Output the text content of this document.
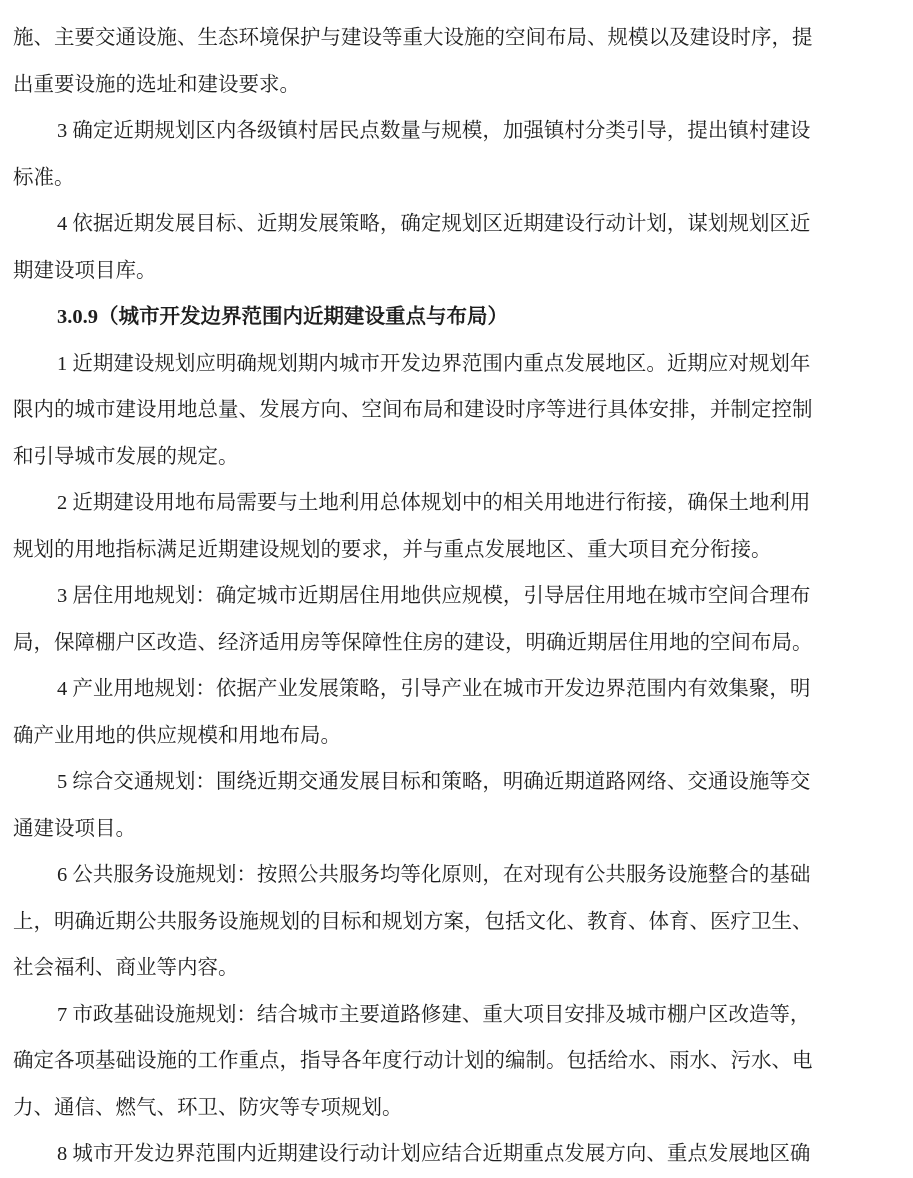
施、主要交通设施、生态环境保护与建设等重大设施的空间布局、规模以及建设时序，提
出重要设施的选址和建设要求。
3 确定近期规划区内各级镇村居民点数量与规模，加强镇村分类引导，提出镇村建设
标准。
4 依据近期发展目标、近期发展策略，确定规划区近期建设行动计划，谋划规划区近
期建设项目库。
3.0.9（城市开发边界范围内近期建设重点与布局）
1 近期建设规划应明确规划期内城市开发边界范围内重点发展地区。近期应对规划年
限内的城市建设用地总量、发展方向、空间布局和建设时序等进行具体安排，并制定控制
和引导城市发展的规定。
2 近期建设用地布局需要与土地利用总体规划中的相关用地进行衔接，确保土地利用
规划的用地指标满足近期建设规划的要求，并与重点发展地区、重大项目充分衔接。
3 居住用地规划：确定城市近期居住用地供应规模，引导居住用地在城市空间合理布
局，保障棚户区改造、经济适用房等保障性住房的建设，明确近期居住用地的空间布局。
4 产业用地规划：依据产业发展策略，引导产业在城市开发边界范围内有效集聚，明
确产业用地的供应规模和用地布局。
5 综合交通规划：围绕近期交通发展目标和策略，明确近期道路网络、交通设施等交
通建设项目。
6 公共服务设施规划：按照公共服务均等化原则，在对现有公共服务设施整合的基础
上，明确近期公共服务设施规划的目标和规划方案，包括文化、教育、体育、医疗卫生、
社会福利、商业等内容。
7 市政基础设施规划：结合城市主要道路修建、重大项目安排及城市棚户区改造等，
确定各项基础设施的工作重点，指导各年度行动计划的编制。包括给水、雨水、污水、电
力、通信、燃气、环卫、防灾等专项规划。
8 城市开发边界范围内近期建设行动计划应结合近期重点发展方向、重点发展地区确
